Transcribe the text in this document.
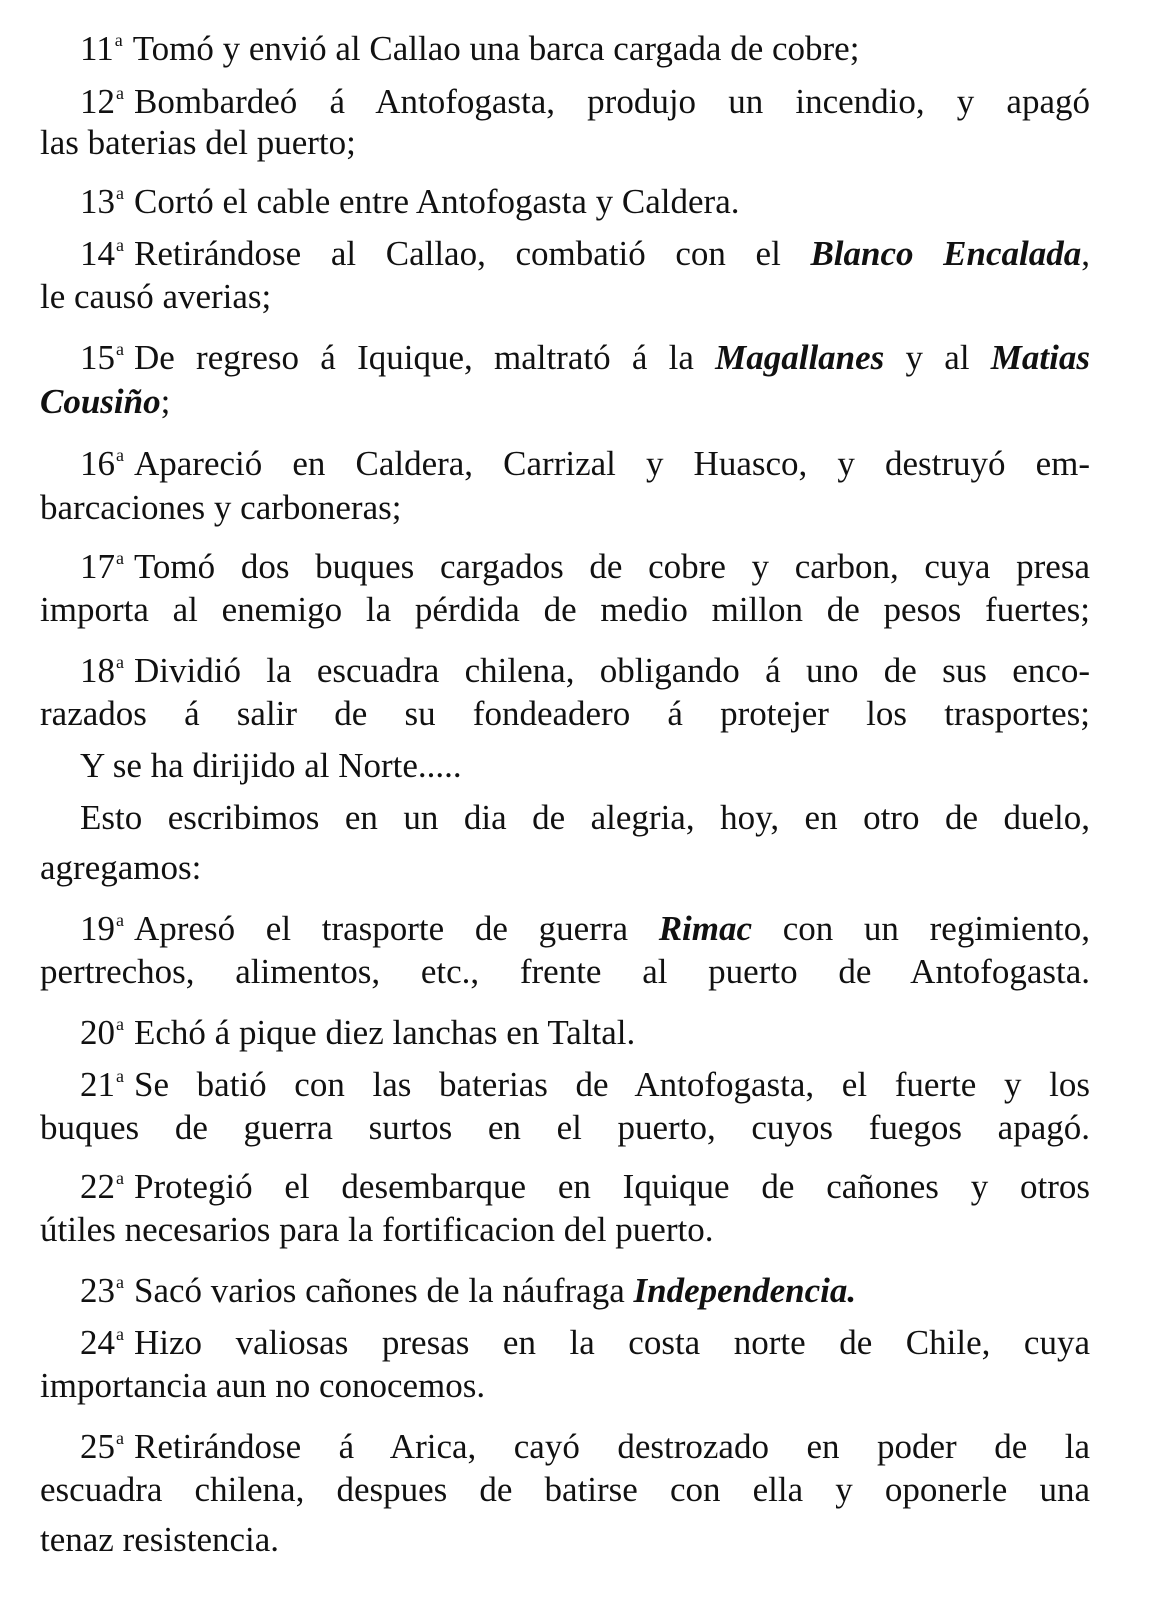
11$^a$ Tomó y envió al Callao una barca cargada de cobre;
12$^a$ Bombardeó á Antofogasta, produjo un incendio, y apagó
las baterias del puerto;
13$^a$ Cortó el cable entre Antofogasta y Caldera.
14$^a$ Retirándose al Callao, combatió con el Blanco Encalada,
le causó averias;
15$^a$ De regreso á Iquique, maltrató á la Magallanes y al Matias
Cousiño;
16$^a$ Apareció en Caldera, Carrizal y Huasco, y destruyó em-
barcaciones y carboneras;
17$^a$ Tomó dos buques cargados de cobre y carbon, cuya presa
importa al enemigo la pérdida de medio millon de pesos fuertes;
18$^a$ Dividió la escuadra chilena, obligando á uno de sus enco-
razados á salir de su fondeadero á protejer los trasportes;
Y se ha dirijido al Norte.....
Esto escribimos en un dia de alegria, hoy, en otro de duelo,
agregamos:
19$^a$ Apresó el trasporte de guerra Rimac con un regimiento,
pertrechos, alimentos, etc., frente al puerto de Antofogasta.
20$^a$ Echó á pique diez lanchas en Taltal.
21$^a$ Se batió con las baterias de Antofogasta, el fuerte y los
buques de guerra surtos en el puerto, cuyos fuegos apagó.
22$^a$ Protegió el desembarque en Iquique de cañones y otros
útiles necesarios para la fortificacion del puerto.
23$^a$ Sacó varios cañones de la náufraga Independencia.
24$^a$ Hizo valiosas presas en la costa norte de Chile, cuya
importancia aun no conocemos.
25$^a$ Retirándose á Arica, cayó destrozado en poder de la
escuadra chilena, despues de batirse con ella y oponerle una
tenaz resistencia.
